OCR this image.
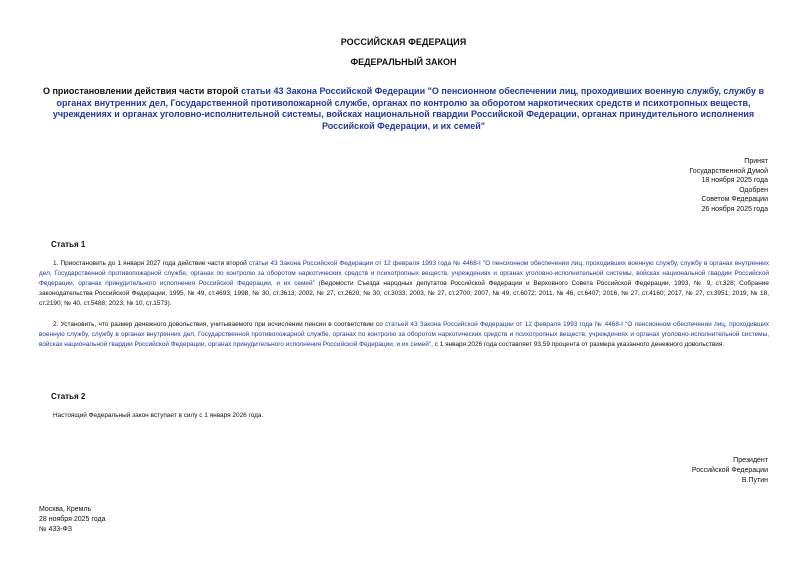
РОССИЙСКАЯ ФЕДЕРАЦИЯ
ФЕДЕРАЛЬНЫЙ ЗАКОН
О приостановлении действия части второй статьи 43 Закона Российской Федерации "О пенсионном обеспечении лиц, проходивших военную службу, службу в органах внутренних дел, Государственной противопожарной службе, органах по контролю за оборотом наркотических средств и психотропных веществ, учреждениях и органах уголовно-исполнительной системы, войсках национальной гвардии Российской Федерации, органах принудительного исполнения Российской Федерации, и их семей"
Принят
Государственной Думой
18 ноября 2025 года
Одобрен
Советом Федерации
26 ноября 2025 года
Статья 1
1. Приостановить до 1 января 2027 года действие части второй статьи 43 Закона Российской Федерации от 12 февраля 1993 года № 4468-I "О пенсионном обеспечении лиц, проходивших военную службу, службу в органах внутренних дел, Государственной противопожарной службе, органах по контролю за оборотом наркотических средств и психотропных веществ, учреждениях и органах уголовно-исполнительной системы, войсках национальной гвардии Российской Федерации, органах принудительного исполнения Российской Федерации, и их семей" (Ведомости Съезда народных депутатов Российской Федерации и Верховного Совета Российской Федерации, 1993, № 9, ст.328; Собрание законодательства Российской Федерации, 1995, № 49, ст.4693; 1998, № 30, ст.3613; 2002, № 27, ст.2620; № 30, ст.3033; 2003, № 27, ст.2700; 2007, № 49, ст.6072; 2011, № 46, ст.6407; 2016, № 27, ст.4160; 2017, № 27, ст.3951; 2019, № 18, ст.2190; № 40, ст.5488; 2023, № 10, ст.1573).
2. Установить, что размер денежного довольствия, учитываемого при исчислении пенсии в соответствии со статьей 43 Закона Российской Федерации от 12 февраля 1993 года № 4468-I "О пенсионном обеспечении лиц, проходивших военную службу, службу в органах внутренних дел, Государственной противопожарной службе, органах по контролю за оборотом наркотических средств и психотропных веществ, учреждениях и органах уголовно-исполнительной системы, войсках национальной гвардии Российской Федерации, органах принудительного исполнения Российской Федерации, и их семей", с 1 января 2026 года составляет 93,59 процента от размера указанного денежного довольствия.
Статья 2
Настоящий Федеральный закон вступает в силу с 1 января 2026 года.
Президент
Российской Федерации
В.Путин
Москва, Кремль
28 ноября 2025 года
№ 433-ФЗ
